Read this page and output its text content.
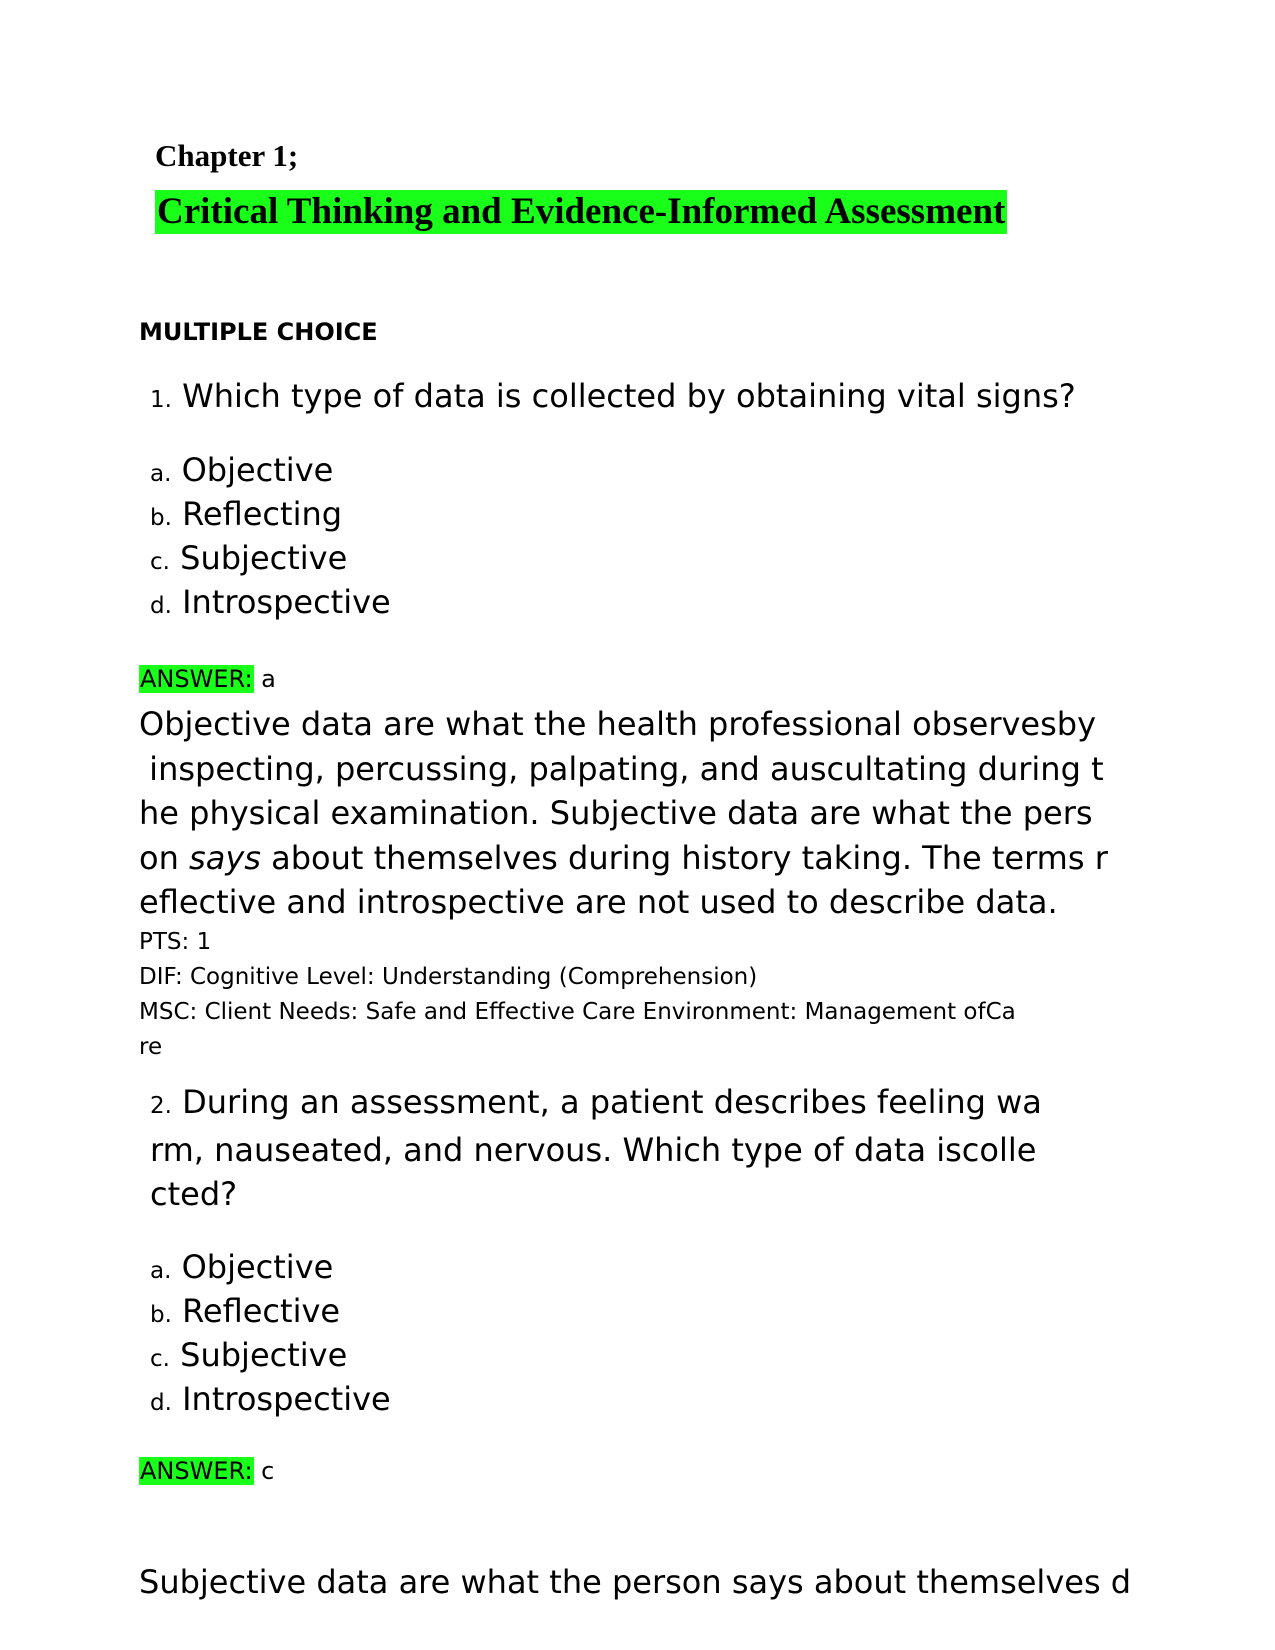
Chapter 1;
Critical Thinking and Evidence-Informed Assessment
MULTIPLE CHOICE
1. Which type of data is collected by obtaining vital signs?
a. Objective
b. Reflecting
c. Subjective
d. Introspective
ANSWER: a
Objective data are what the health professional observesby
inspecting, percussing, palpating, and auscultating during t
he physical examination. Subjective data are what the pers
on says about themselves during history taking. The terms r
eflective and introspective are not used to describe data.
PTS: 1
DIF: Cognitive Level: Understanding (Comprehension)
MSC: Client Needs: Safe and Effective Care Environment: Management ofCa
re
2. During an assessment, a patient describes feeling wa
rm, nauseated, and nervous. Which type of data iscolle
cted?
a. Objective
b. Reflective
c. Subjective
d. Introspective
ANSWER: c
Subjective data are what the person says about themselves d
